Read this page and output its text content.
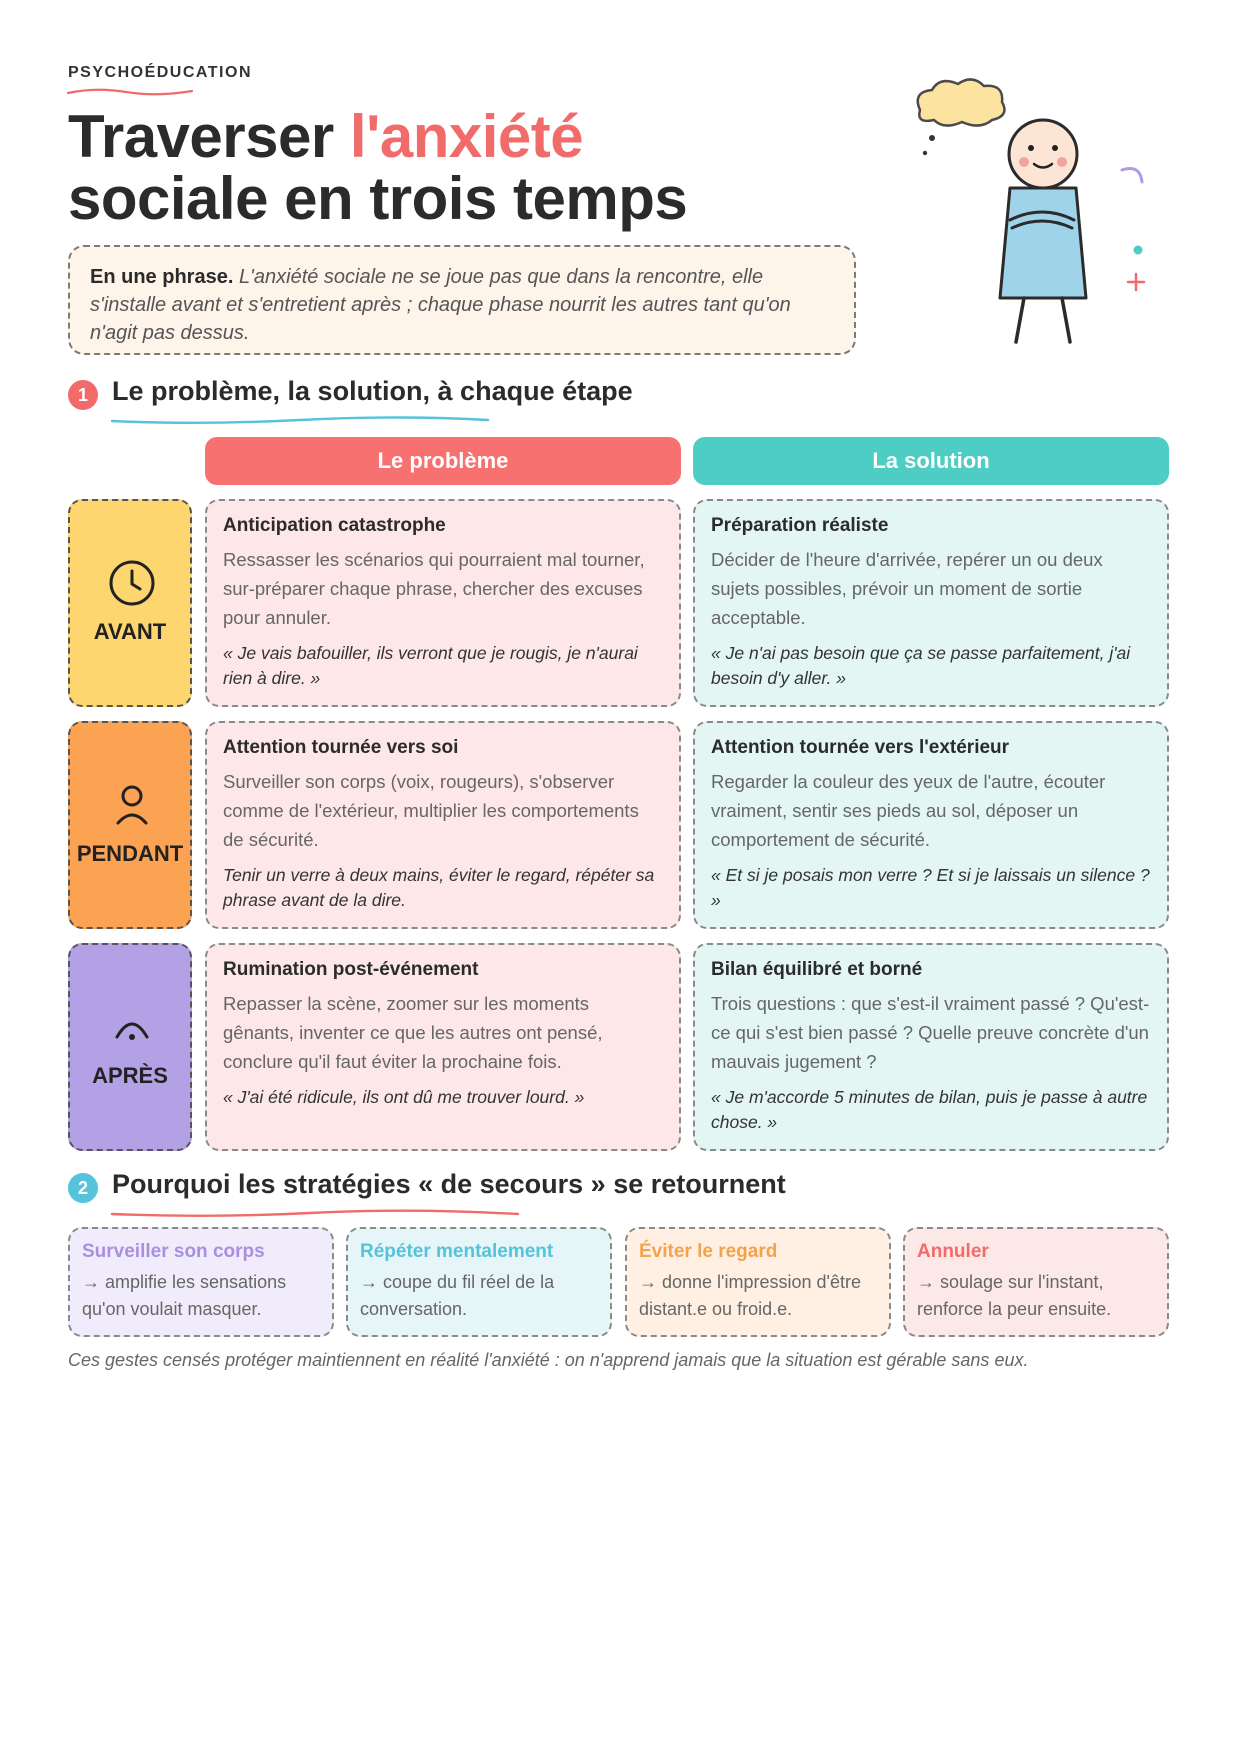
PSYCHOÉDUCATION
Traverser l'anxiété
sociale en trois temps
En une phrase. L'anxiété sociale ne se joue pas que dans la rencontre, elle s'installe avant et s'entretient après ; chaque phase nourrit les autres tant qu'on n'agit pas dessus.
1 Le problème, la solution, à chaque étape
Le problème	La solution
AVANT
Anticipation catastrophe
Ressasser les scénarios qui pourraient mal tourner, sur-préparer chaque phrase, chercher des excuses pour annuler.
« Je vais bafouiller, ils verront que je rougis, je n'aurai rien à dire. »
Préparation réaliste
Décider de l'heure d'arrivée, repérer un ou deux sujets possibles, prévoir un moment de sortie acceptable.
« Je n'ai pas besoin que ça se passe parfaitement, j'ai besoin d'y aller. »
PENDANT
Attention tournée vers soi
Surveiller son corps (voix, rougeurs), s'observer comme de l'extérieur, multiplier les comportements de sécurité.
Tenir un verre à deux mains, éviter le regard, répéter sa phrase avant de la dire.
Attention tournée vers l'extérieur
Regarder la couleur des yeux de l'autre, écouter vraiment, sentir ses pieds au sol, déposer un comportement de sécurité.
« Et si je posais mon verre ? Et si je laissais un silence ? »
APRÈS
Rumination post-événement
Repasser la scène, zoomer sur les moments gênants, inventer ce que les autres ont pensé, conclure qu'il faut éviter la prochaine fois.
« J'ai été ridicule, ils ont dû me trouver lourd. »
Bilan équilibré et borné
Trois questions : que s'est-il vraiment passé ? Qu'est-ce qui s'est bien passé ? Quelle preuve concrète d'un mauvais jugement ?
« Je m'accorde 5 minutes de bilan, puis je passe à autre chose. »
2 Pourquoi les stratégies « de secours » se retournent
Surveiller son corps
→ amplifie les sensations qu'on voulait masquer.
Répéter mentalement
→ coupe du fil réel de la conversation.
Éviter le regard
→ donne l'impression d'être distant.e ou froid.e.
Annuler
→ soulage sur l'instant, renforce la peur ensuite.
Ces gestes censés protéger maintiennent en réalité l'anxiété : on n'apprend jamais que la situation est gérable sans eux.
